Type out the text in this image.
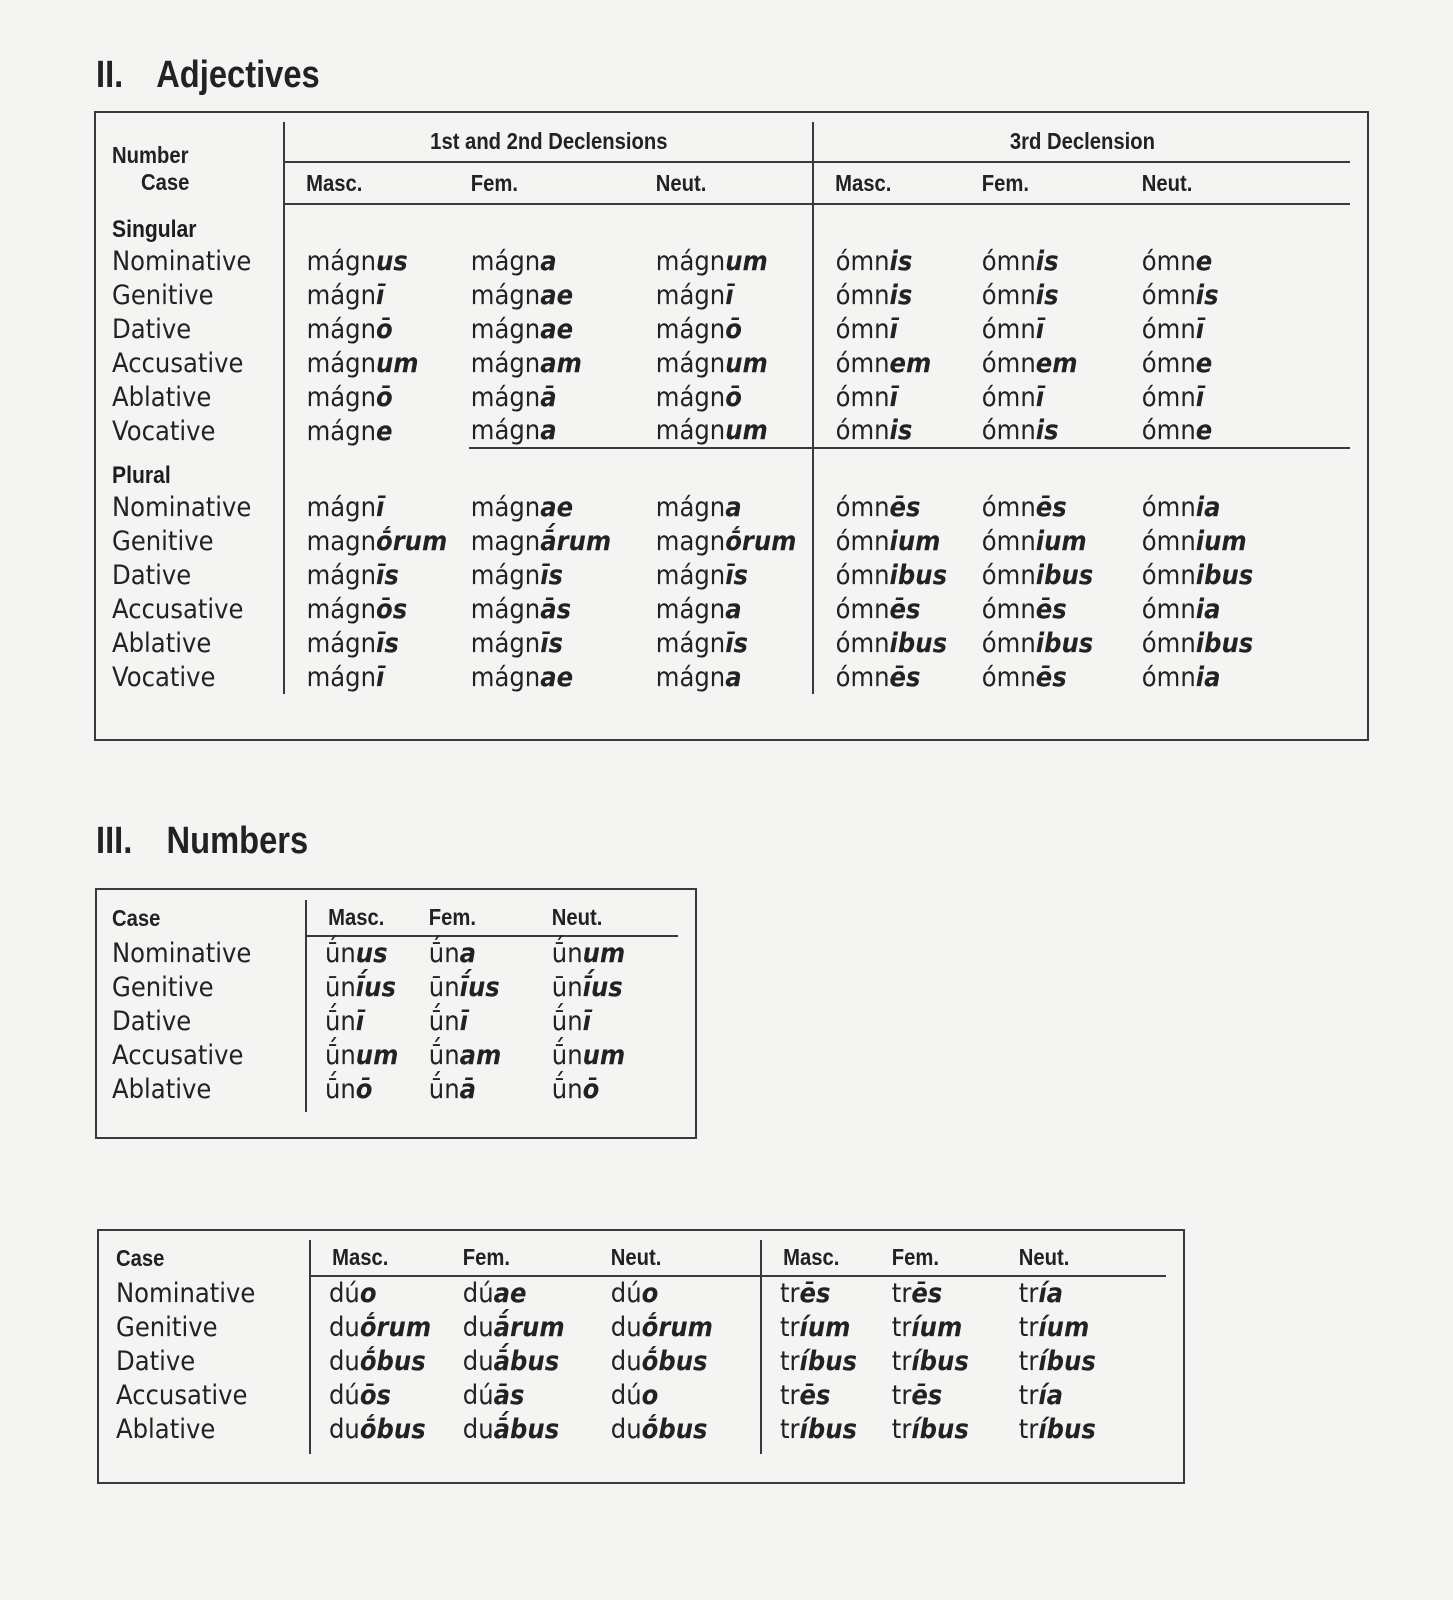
II. Adjectives
Number
Case	1st and 2nd Declensions			3rd Declension		
	Masc.	Fem.	Neut.	Masc.	Fem.	Neut.
Singular						
Nominative	mágnus	mágna	mágnum	ómnis	ómnis	ómne
Genitive	mágnī	mágnae	mágnī	ómnis	ómnis	ómnis
Dative	mágnō	mágnae	mágnō	ómnī	ómnī	ómnī
Accusative	mágnum	mágnam	mágnum	ómnem	ómnem	ómne
Ablative	mágnō	mágnā	mágnō	ómnī	ómnī	ómnī
Vocative	mágne	mágna	mágnum	ómnis	ómnis	ómne
Plural						
Nominative	mágnī	mágnae	mágna	ómnēs	ómnēs	ómnia
Genitive	magnṓrum	magnā́rum	magnṓrum	ómnium	ómnium	ómnium
Dative	mágnīs	mágnīs	mágnīs	ómnibus	ómnibus	ómnibus
Accusative	mágnōs	mágnās	mágna	ómnēs	ómnēs	ómnia
Ablative	mágnīs	mágnīs	mágnīs	ómnibus	ómnibus	ómnibus
Vocative	mágnī	mágnae	mágna	ómnēs	ómnēs	ómnia
III. Numbers
Case	Masc.	Fem.	Neut.
Nominative	ū́nus	ū́na	ū́num
Genitive	ūnī́us	ūnī́us	ūnī́us
Dative	ū́nī	ū́nī	ū́nī
Accusative	ū́num	ū́nam	ū́num
Ablative	ū́nō	ū́nā	ū́nō

Case	Masc.	Fem.	Neut.	Masc.	Fem.	Neut.
Nominative	dúo	dúae	dúo	trēs	trēs	tría
Genitive	duṓrum	duā́rum	duṓrum	tríum	tríum	tríum
Dative	duṓbus	duā́bus	duṓbus	tríbus	tríbus	tríbus
Accusative	dúōs	dúās	dúo	trēs	trēs	tría
Ablative	duṓbus	duā́bus	duṓbus	tríbus	tríbus	tríbus
